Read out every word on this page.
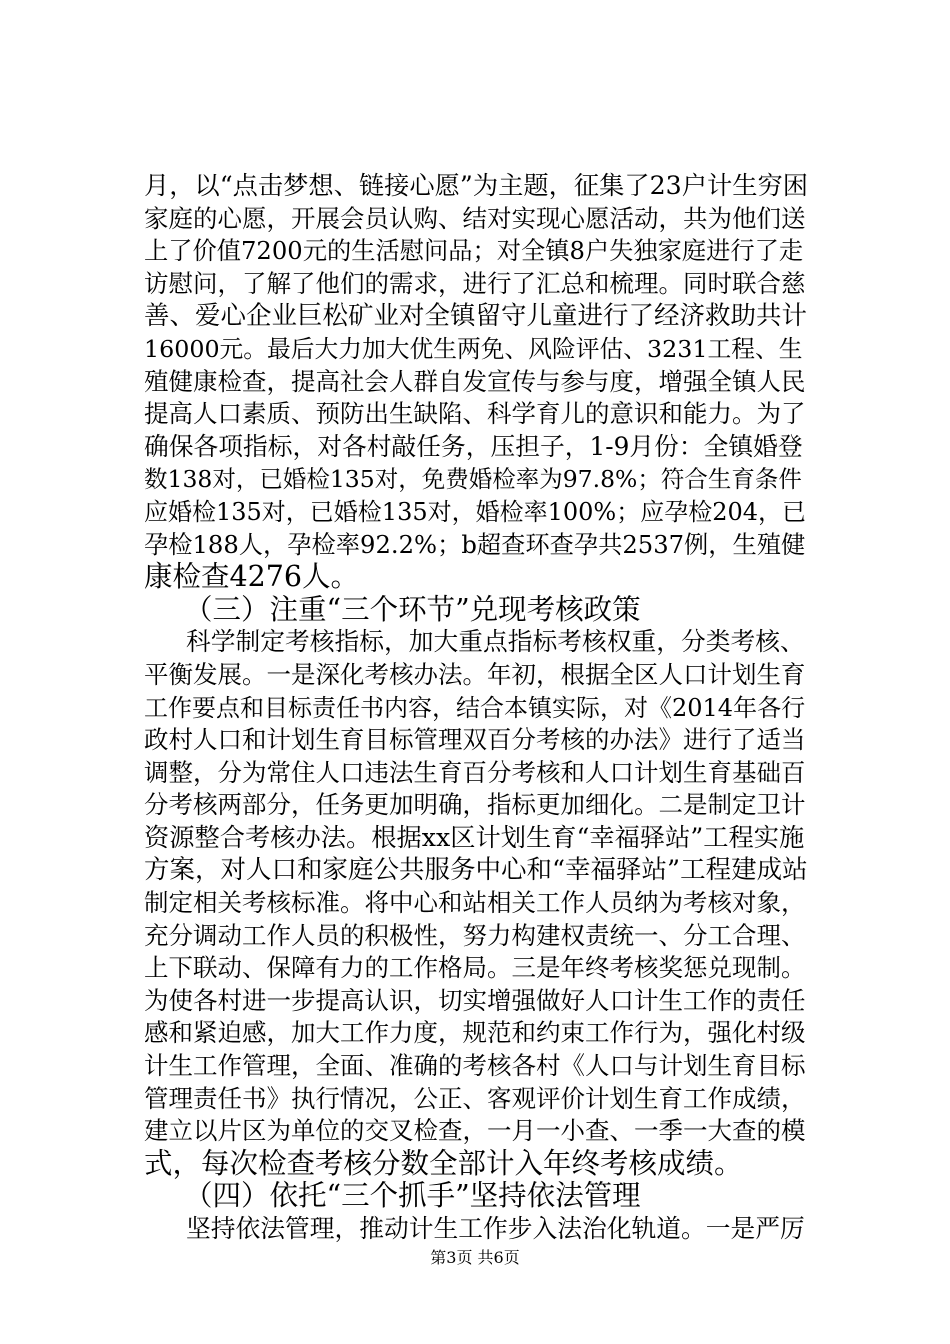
月，以“点击梦想、链接心愿”为主题，征集了23户计生穷困
家庭的心愿，开展会员认购、结对实现心愿活动，共为他们送
上了价值7200元的生活慰问品；对全镇8户失独家庭进行了走
访慰问，了解了他们的需求，进行了汇总和梳理。同时联合慈
善、爱心企业巨松矿业对全镇留守儿童进行了经济救助共计
16000元。最后大力加大优生两免、风险评估、3231工程、生
殖健康检查，提高社会人群自发宣传与参与度，增强全镇人民
提高人口素质、预防出生缺陷、科学育儿的意识和能力。为了
确保各项指标，对各村敲任务，压担子，1-9月份：全镇婚登
数138对，已婚检135对，免费婚检率为97.8%；符合生育条件
应婚检135对，已婚检135对，婚检率100%；应孕检204，已
孕检188人，孕检率92.2%；b超查环查孕共2537例，生殖健
康检查4276人。
（三）注重“三个环节”兑现考核政策
科学制定考核指标，加大重点指标考核权重，分类考核、
平衡发展。一是深化考核办法。年初，根据全区人口计划生育
工作要点和目标责任书内容，结合本镇实际，对《2014年各行
政村人口和计划生育目标管理双百分考核的办法》进行了适当
调整，分为常住人口违法生育百分考核和人口计划生育基础百
分考核两部分，任务更加明确，指标更加细化。二是制定卫计
资源整合考核办法。根据xx区计划生育“幸福驿站”工程实施
方案，对人口和家庭公共服务中心和“幸福驿站”工程建成站
制定相关考核标准。将中心和站相关工作人员纳为考核对象，
充分调动工作人员的积极性，努力构建权责统一、分工合理、
上下联动、保障有力的工作格局。三是年终考核奖惩兑现制。
为使各村进一步提高认识，切实增强做好人口计生工作的责任
感和紧迫感，加大工作力度，规范和约束工作行为，强化村级
计生工作管理，全面、准确的考核各村《人口与计划生育目标
管理责任书》执行情况，公正、客观评价计划生育工作成绩，
建立以片区为单位的交叉检查，一月一小查、一季一大查的模
式，每次检查考核分数全部计入年终考核成绩。
（四）依托“三个抓手”坚持依法管理
坚持依法管理，推动计生工作步入法治化轨道。一是严厉
第3页 共6页
